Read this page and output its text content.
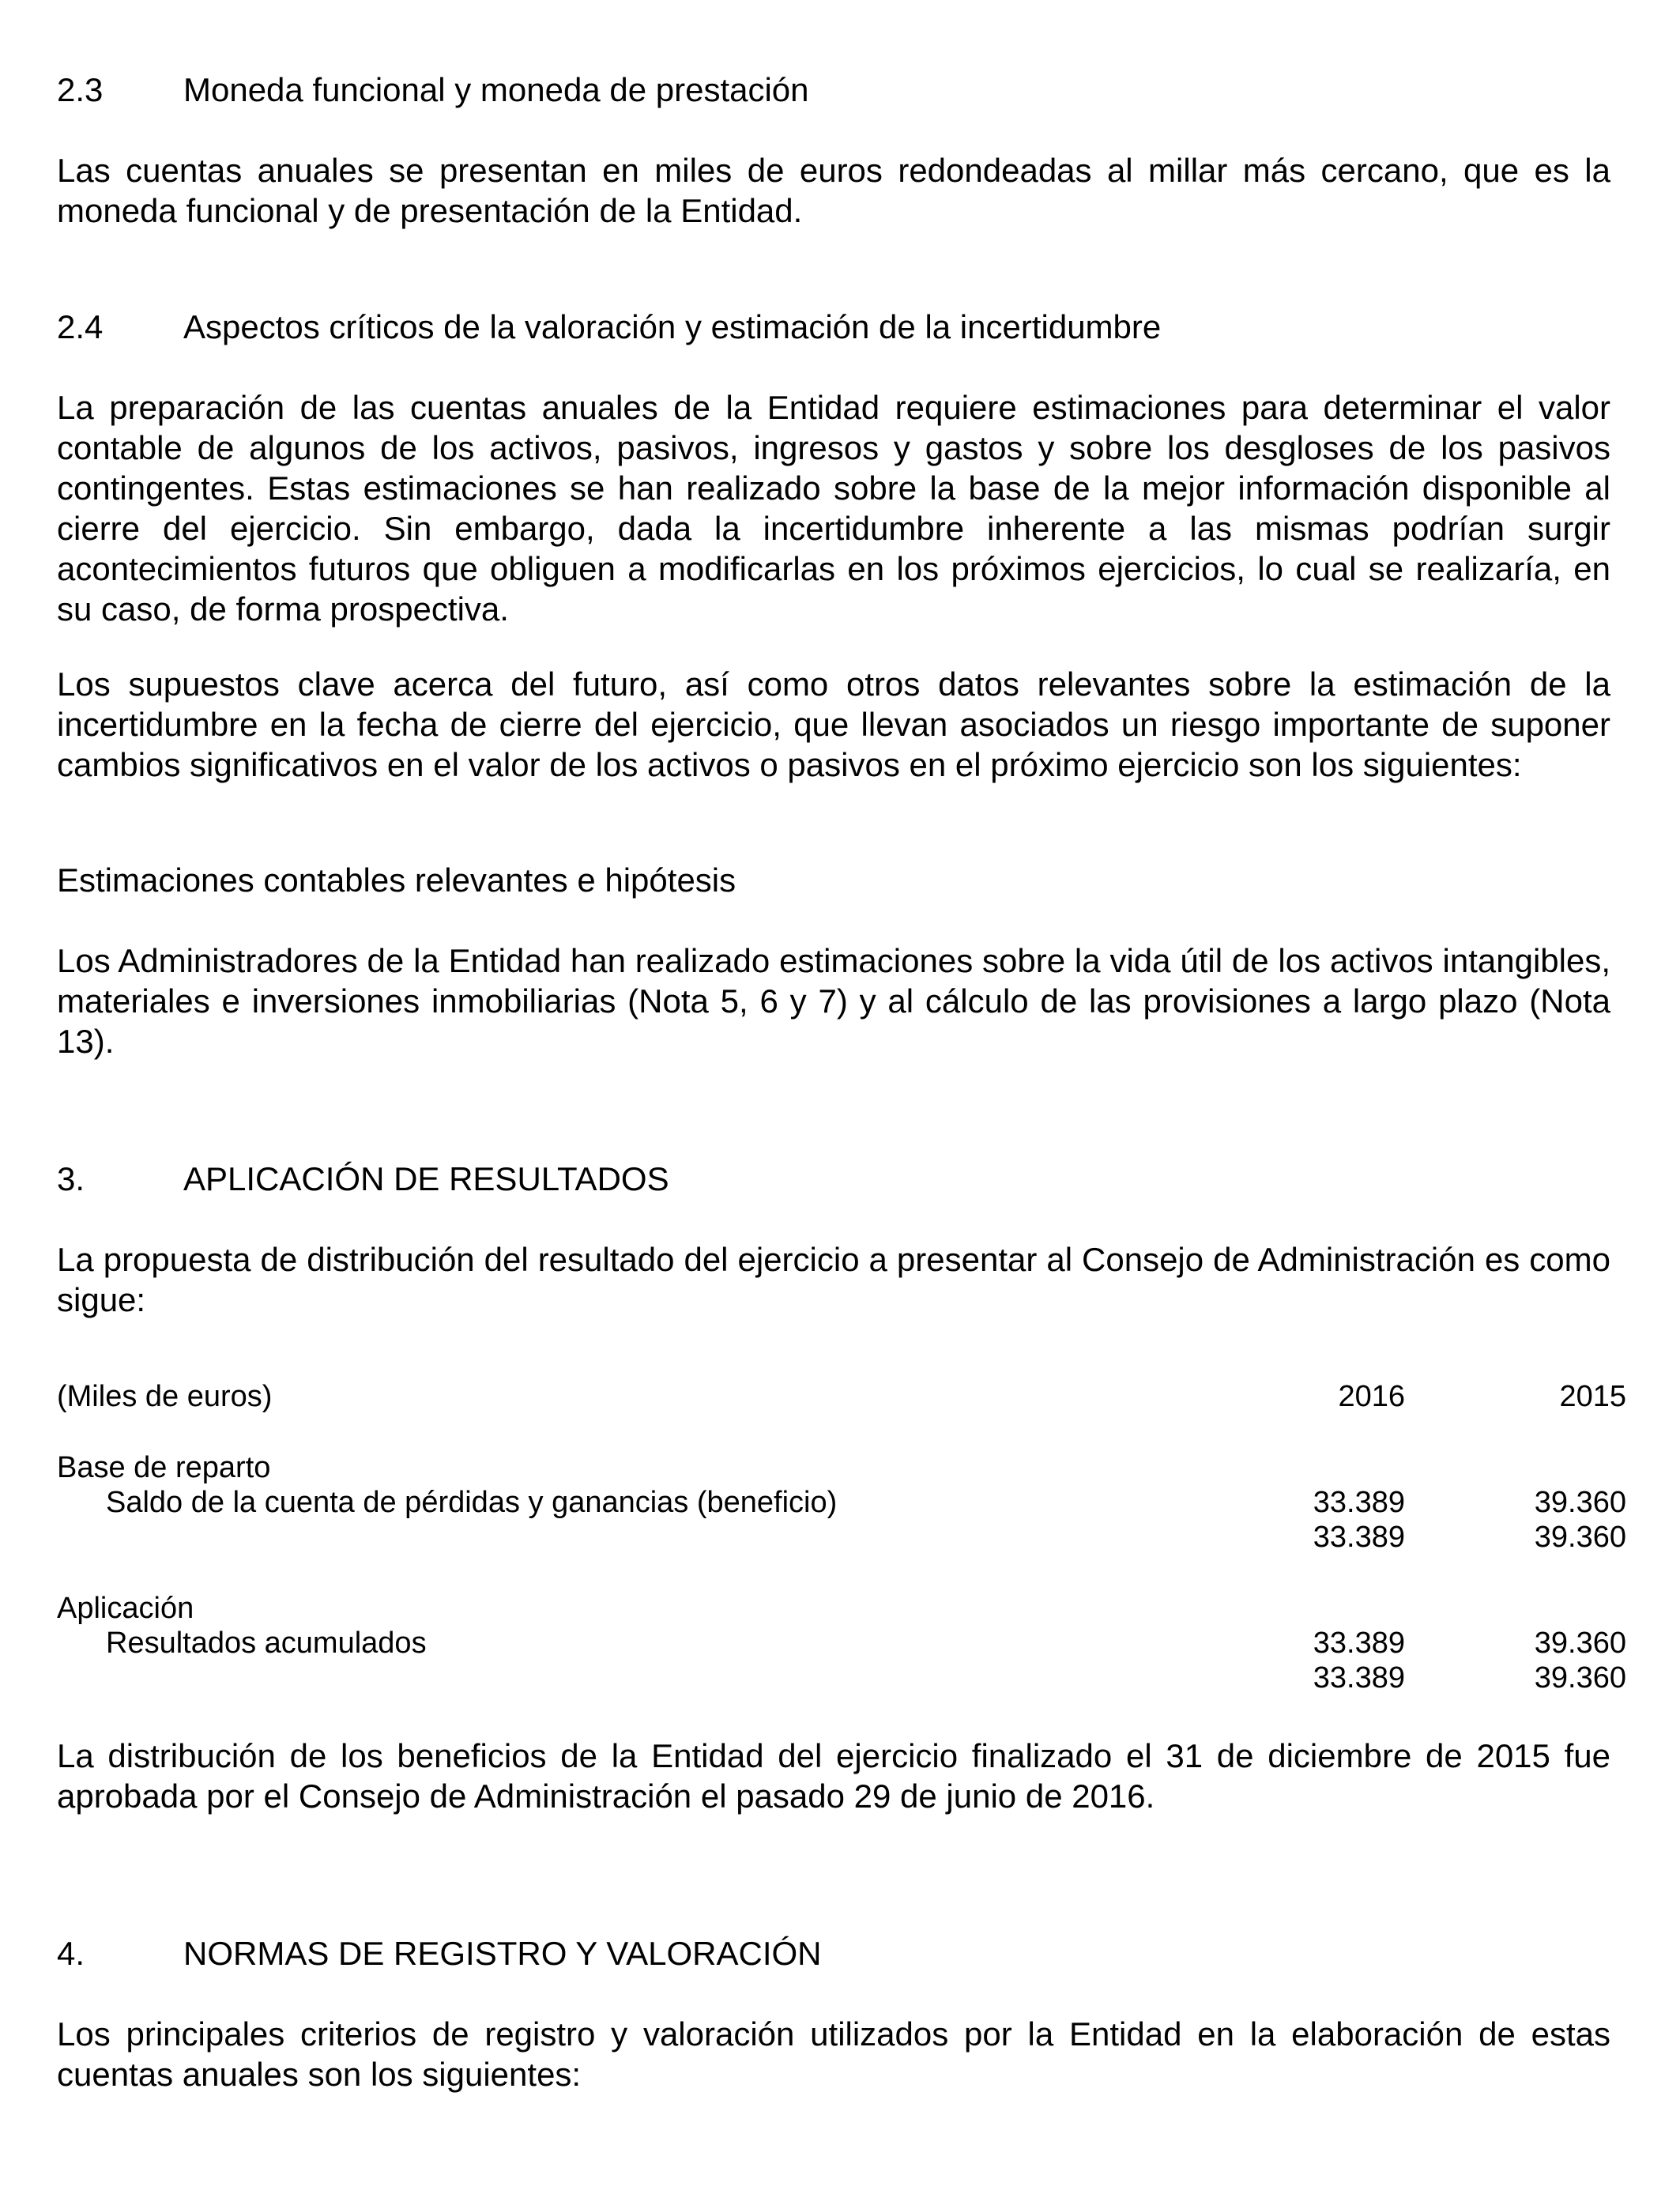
2.3	Moneda funcional y moneda de prestación

Las cuentas anuales se presentan en miles de euros redondeadas al millar más cercano, que es la moneda funcional y de presentación de la Entidad.

2.4	Aspectos críticos de la valoración y estimación de la incertidumbre

La preparación de las cuentas anuales de la Entidad requiere estimaciones para determinar el valor contable de algunos de los activos, pasivos, ingresos y gastos y sobre los desgloses de los pasivos contingentes. Estas estimaciones se han realizado sobre la base de la mejor información disponible al cierre del ejercicio. Sin embargo, dada la incertidumbre inherente a las mismas podrían surgir acontecimientos futuros que obliguen a modificarlas en los próximos ejercicios, lo cual se realizaría, en su caso, de forma prospectiva.

Los supuestos clave acerca del futuro, así como otros datos relevantes sobre la estimación de la incertidumbre en la fecha de cierre del ejercicio, que llevan asociados un riesgo importante de suponer cambios significativos en el valor de los activos o pasivos en el próximo ejercicio son los siguientes:

Estimaciones contables relevantes e hipótesis

Los Administradores de la Entidad han realizado estimaciones sobre la vida útil de los activos intangibles, materiales e inversiones inmobiliarias (Nota 5, 6 y 7) y al cálculo de las provisiones a largo plazo (Nota 13).

3.	APLICACIÓN DE RESULTADOS

La propuesta de distribución del resultado del ejercicio a presentar al Consejo de Administración es como sigue:

(Miles de euros)	2016	2015
Base de reparto
Saldo de la cuenta de pérdidas y ganancias (beneficio)	33.389	39.360
33.389	39.360
Aplicación
Resultados acumulados	33.389	39.360
33.389	39.360

La distribución de los beneficios de la Entidad del ejercicio finalizado el 31 de diciembre de 2015 fue aprobada por el Consejo de Administración el pasado 29 de junio de 2016.

4.	NORMAS DE REGISTRO Y VALORACIÓN

Los principales criterios de registro y valoración utilizados por la Entidad en la elaboración de estas cuentas anuales son los siguientes:
